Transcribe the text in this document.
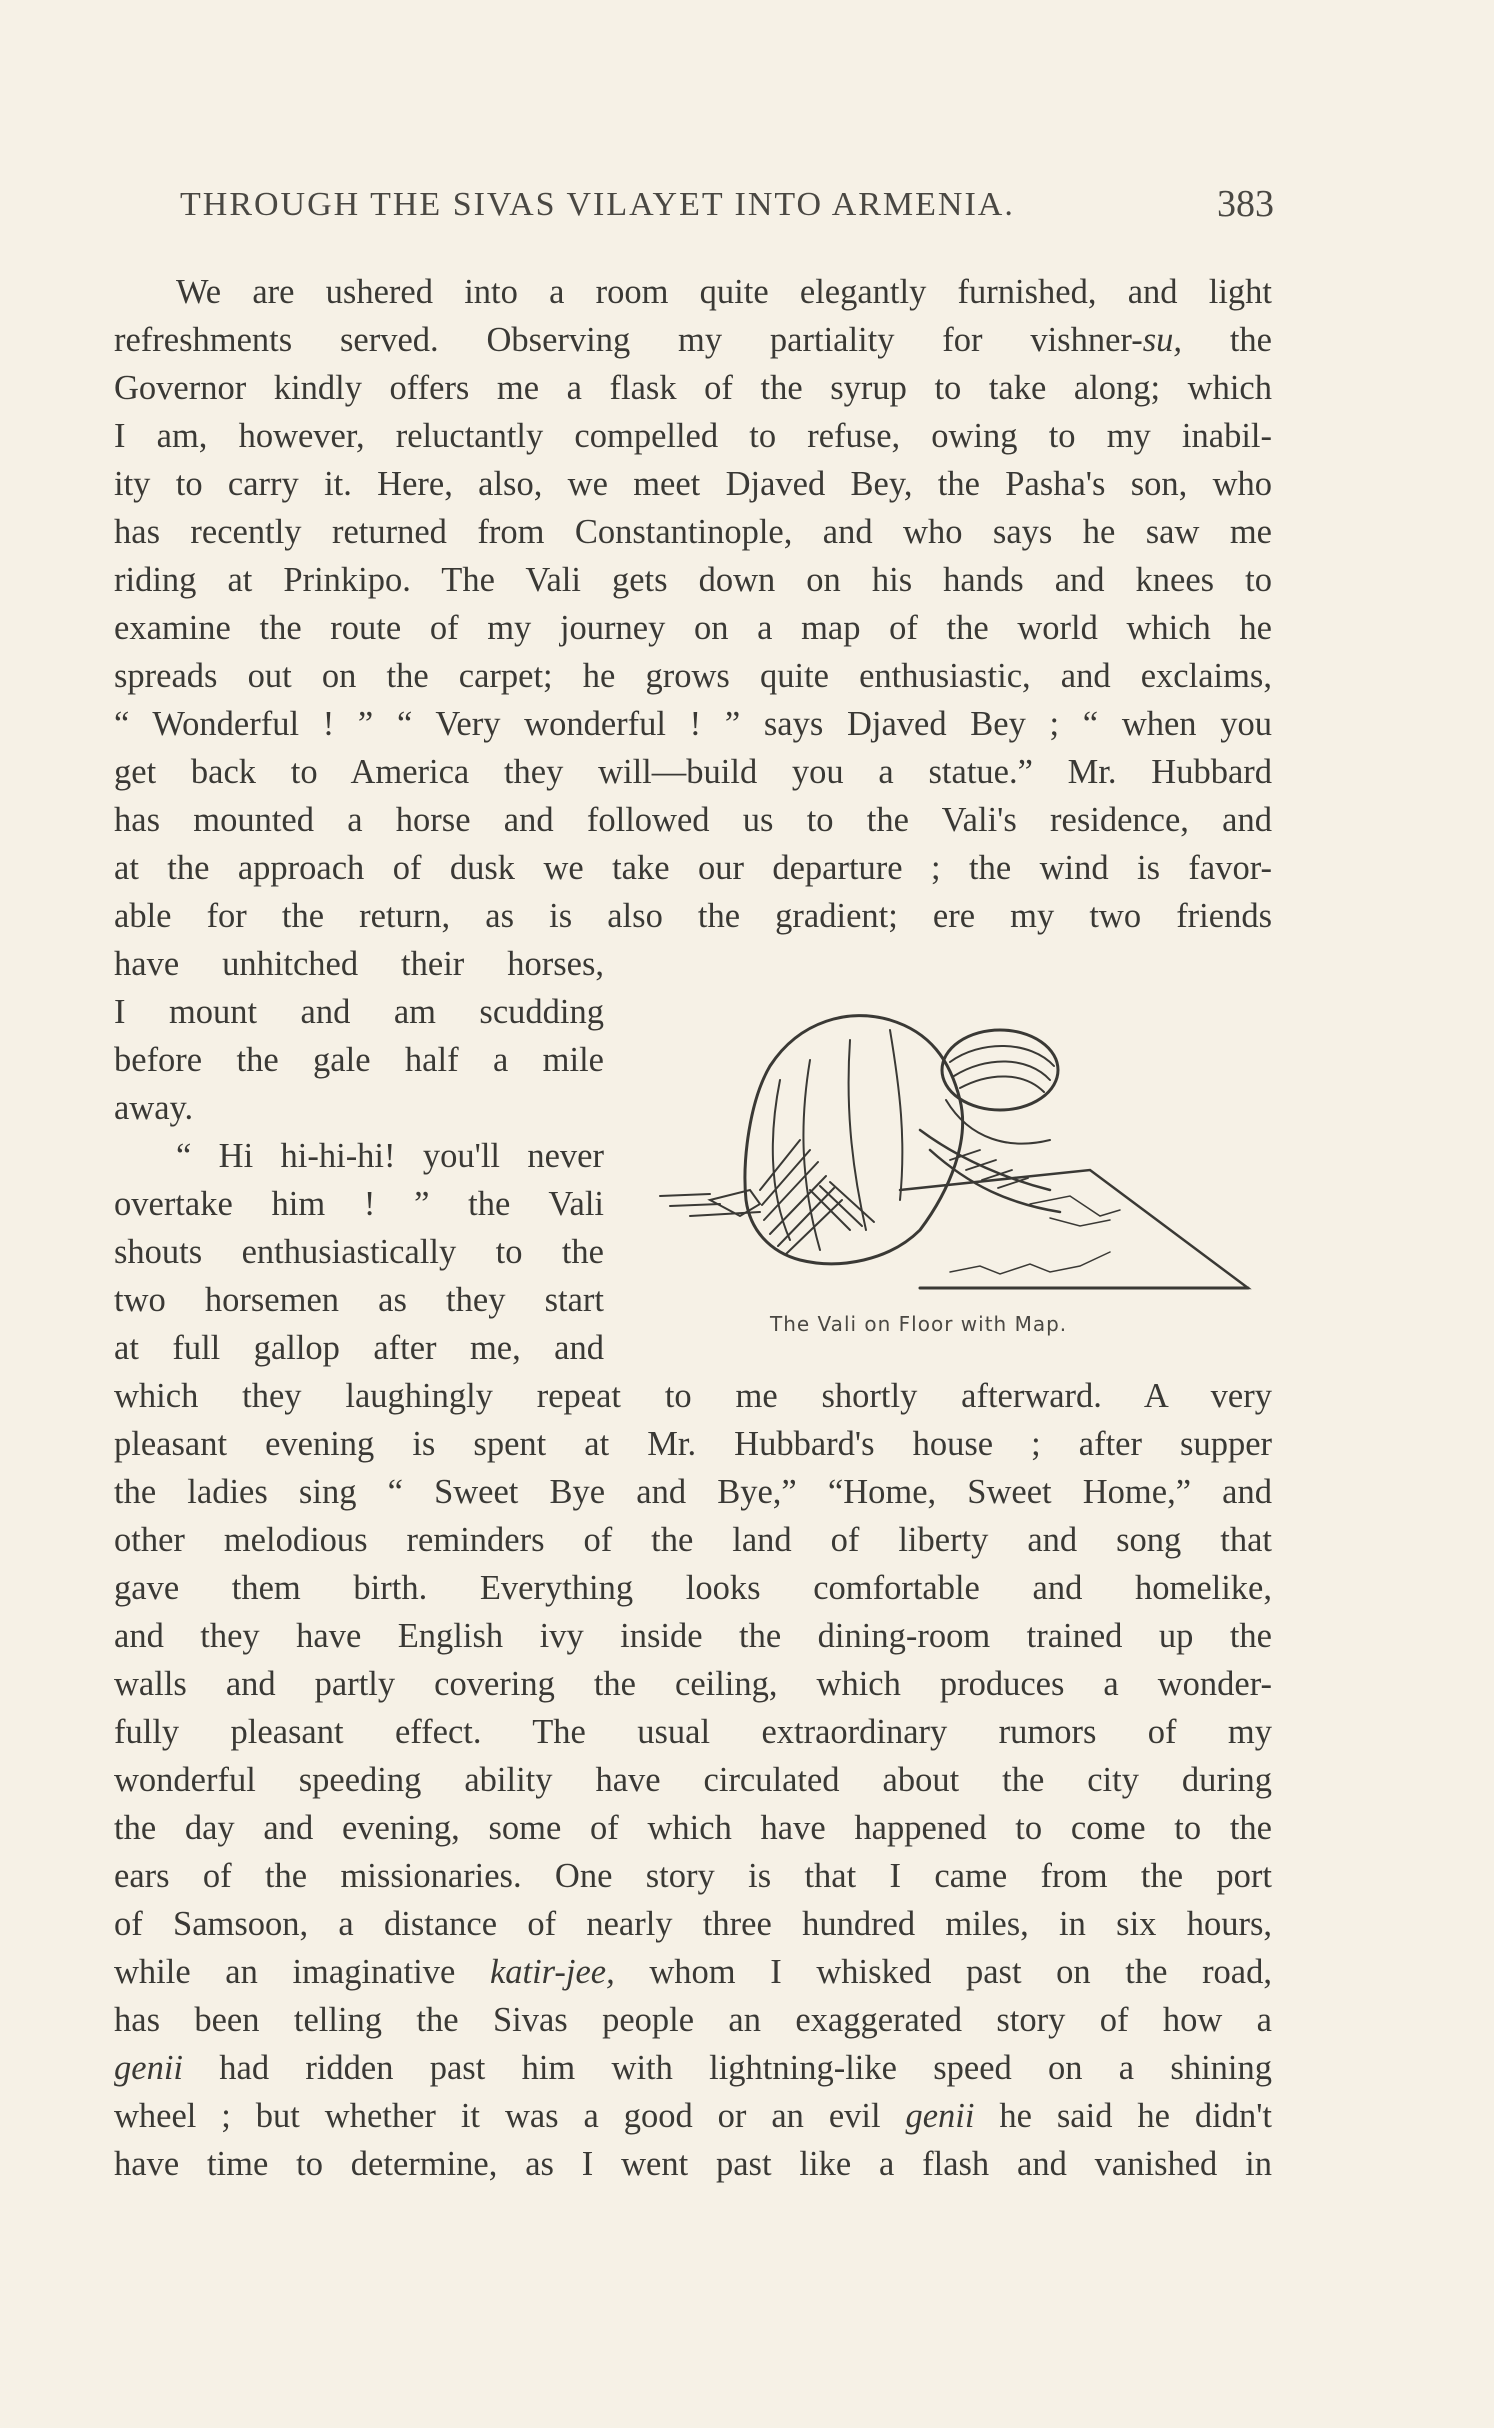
THROUGH THE SIVAS VILAYET INTO ARMENIA.	383
We are ushered into a room quite elegantly furnished, and light
refreshments served. Observing my partiality for vishner-su, the
Governor kindly offers me a flask of the syrup to take along; which
I am, however, reluctantly compelled to refuse, owing to my inabil-
ity to carry it. Here, also, we meet Djaved Bey, the Pasha's son, who
has recently returned from Constantinople, and who says he saw me
riding at Prinkipo. The Vali gets down on his hands and knees to
examine the route of my journey on a map of the world which he
spreads out on the carpet; he grows quite enthusiastic, and exclaims,
“ Wonderful ! ” “ Very wonderful ! ” says Djaved Bey ; “ when you
get back to America they will—build you a statue.” Mr. Hubbard
has mounted a horse and followed us to the Vali's residence, and
at the approach of dusk we take our departure ; the wind is favor-
able for the return, as is also the gradient; ere my two friends
have unhitched their horses,
I mount and am scudding
before the gale half a mile
away.
“ Hi hi-hi-hi! you'll never
overtake him ! ” the Vali
shouts enthusiastically to the
two horsemen as they start
at full gallop after me, and
which they laughingly repeat to me shortly afterward. A very
pleasant evening is spent at Mr. Hubbard's house ; after supper
the ladies sing “ Sweet Bye and Bye,” “Home, Sweet Home,” and
other melodious reminders of the land of liberty and song that
gave them birth. Everything looks comfortable and homelike,
and they have English ivy inside the dining-room trained up the
walls and partly covering the ceiling, which produces a wonder-
fully pleasant effect. The usual extraordinary rumors of my
wonderful speeding ability have circulated about the city during
the day and evening, some of which have happened to come to the
ears of the missionaries. One story is that I came from the port
of Samsoon, a distance of nearly three hundred miles, in six hours,
while an imaginative katir-jee, whom I whisked past on the road,
has been telling the Sivas people an exaggerated story of how a
genii had ridden past him with lightning-like speed on a shining
wheel ; but whether it was a good or an evil genii he said he didn't
have time to determine, as I went past like a flash and vanished in
The Vali on Floor with Map.
